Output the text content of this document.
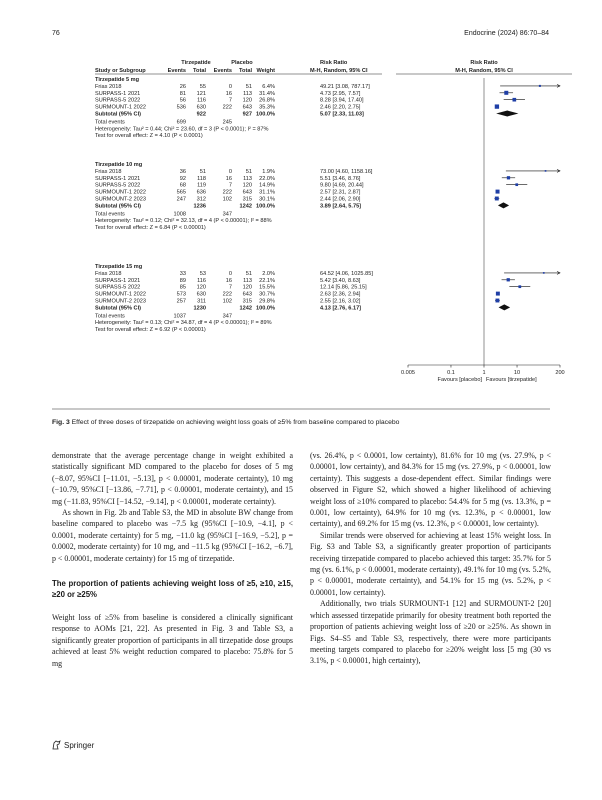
76	Endocrine (2024) 86:70–84
Tirzepatide	Placebo	Risk Ratio	Risk Ratio
Study or Subgroup	Events Total Events Total Weight	M-H, Random, 95% CI	M-H, Random, 95% CI
Tirzepatide 5 mg
Frias 2018	26 55	0 51 6.4%	49.21 [3.08, 787.17]
SURPASS-1 2021	81 121	16 113 31.4%	4.73 [2.95, 7.57]
SURPASS-5 2022	56 116	7 120 26.8%	8.28 [3.94, 17.40]
SURMOUNT-1 2022	536 630	222 643 35.3%	2.46 [2.20, 2.75]
Subtotal (95% CI)	922	927 100.0%	5.07 [2.33, 11.03]
Total events	699	245
Heterogeneity: Tau² = 0.44; Chi² = 23.60, df = 3 (P < 0.0001); I² = 87%
Test for overall effect: Z = 4.10 (P < 0.0001)
Tirzepatide 10 mg
Frias 2018	36 51	0 51 1.9%	73.00 [4.60, 1158.16]
SURPASS-1 2021	92 118	16 113 22.0%	5.51 [3.46, 8.76]
SURPASS-5 2022	68 119	7 120 14.9%	9.80 [4.69, 20.44]
SURMOUNT-1 2022	565 636	222 643 31.1%	2.57 [2.31, 2.87]
SURMOUNT-2 2023	247 312	102 315 30.1%	2.44 [2.06, 2.90]
Subtotal (95% CI)	1236	1242 100.0%	3.89 [2.64, 5.75]
Total events	1008	347
Heterogeneity: Tau² = 0.12; Chi² = 32.13, df = 4 (P < 0.00001); I² = 88%
Test for overall effect: Z = 6.84 (P < 0.00001)
Tirzepatide 15 mg
Frias 2018	33 53	0 51 2.0%	64.52 [4.06, 1025.85]
SURPASS-1 2021	89 116	16 113 22.1%	5.42 [3.40, 8.63]
SURPASS-5 2022	85 120	7 120 15.5%	12.14 [5.86, 25.15]
SURMOUNT-1 2022	573 630	222 643 30.7%	2.63 [2.36, 2.94]
SURMOUNT-2 2023	257 311	102 315 29.8%	2.55 [2.16, 3.02]
Subtotal (95% CI)	1230	1242 100.0%	4.13 [2.76, 6.17]
Total events	1037	347
Heterogeneity: Tau² = 0.13; Chi² = 34.87, df = 4 (P < 0.00001); I² = 89%
Test for overall effect: Z = 6.92 (P < 0.00001)
0.005	0.1	1	10	200
Favours [placebo] Favours [tirzepatide]
Fig. 3 Effect of three doses of tirzepatide on achieving weight loss goals of ≥5% from baseline compared to placebo

demonstrate that the average percentage change in weight exhibited a statistically significant MD compared to the placebo for doses of 5 mg (−8.07, 95%CI [−11.01, −5.13], p < 0.00001, moderate certainty), 10 mg (−10.79, 95%CI [−13.86, −7.71], p < 0.00001, moderate certainty), and 15 mg (−11.83, 95%CI [−14.52, −9.14], p < 0.00001, moderate certainty).

As shown in Fig. 2b and Table S3, the MD in absolute BW change from baseline compared to placebo was −7.5 kg (95%CI [−10.9, −4.1], p < 0.0001, moderate certainty) for 5 mg, −11.0 kg (95%CI [−16.9, −5.2], p = 0.0002, moderate certainty) for 10 mg, and −11.5 kg (95%CI [−16.2, −6.7], p < 0.00001, moderate certainty) for 15 mg of tirzepatide.

The proportion of patients achieving weight loss of ≥5, ≥10, ≥15, ≥20 or ≥25%

Weight loss of ≥5% from baseline is considered a clinically significant response to AOMs [21, 22]. As presented in Fig. 3 and Table S3, a significantly greater proportion of participants in all tirzepatide dose groups achieved at least 5% weight reduction compared to placebo: 75.8% for 5 mg

(vs. 26.4%, p < 0.0001, low certainty), 81.6% for 10 mg (vs. 27.9%, p < 0.00001, low certainty), and 84.3% for 15 mg (vs. 27.9%, p < 0.00001, low certainty). This suggests a dose-dependent effect. Similar findings were observed in Figure S2, which showed a higher likelihood of achieving weight loss of ≥10% compared to placebo: 54.4% for 5 mg (vs. 13.3%, p = 0.001, low certainty), 64.9% for 10 mg (vs. 12.3%, p < 0.00001, low certainty), and 69.2% for 15 mg (vs. 12.3%, p < 0.00001, low certainty).

Similar trends were observed for achieving at least 15% weight loss. In Fig. S3 and Table S3, a significantly greater proportion of participants receiving tirzepatide compared to placebo achieved this target: 35.7% for 5 mg (vs. 6.1%, p < 0.00001, moderate certainty), 49.1% for 10 mg (vs. 5.2%, p < 0.00001, moderate certainty), and 54.1% for 15 mg (vs. 5.2%, p < 0.00001, low certainty).

Additionally, two trials SURMOUNT-1 [12] and SURMOUNT-2 [20] which assessed tirzepatide primarily for obesity treatment both reported the proportion of patients achieving weight loss of ≥20 or ≥25%. As shown in Figs. S4–S5 and Table S3, respectively, there were more participants meeting targets compared to placebo for ≥20% weight loss [5 mg (30 vs 3.1%, p < 0.00001, high certainty),

Springer
